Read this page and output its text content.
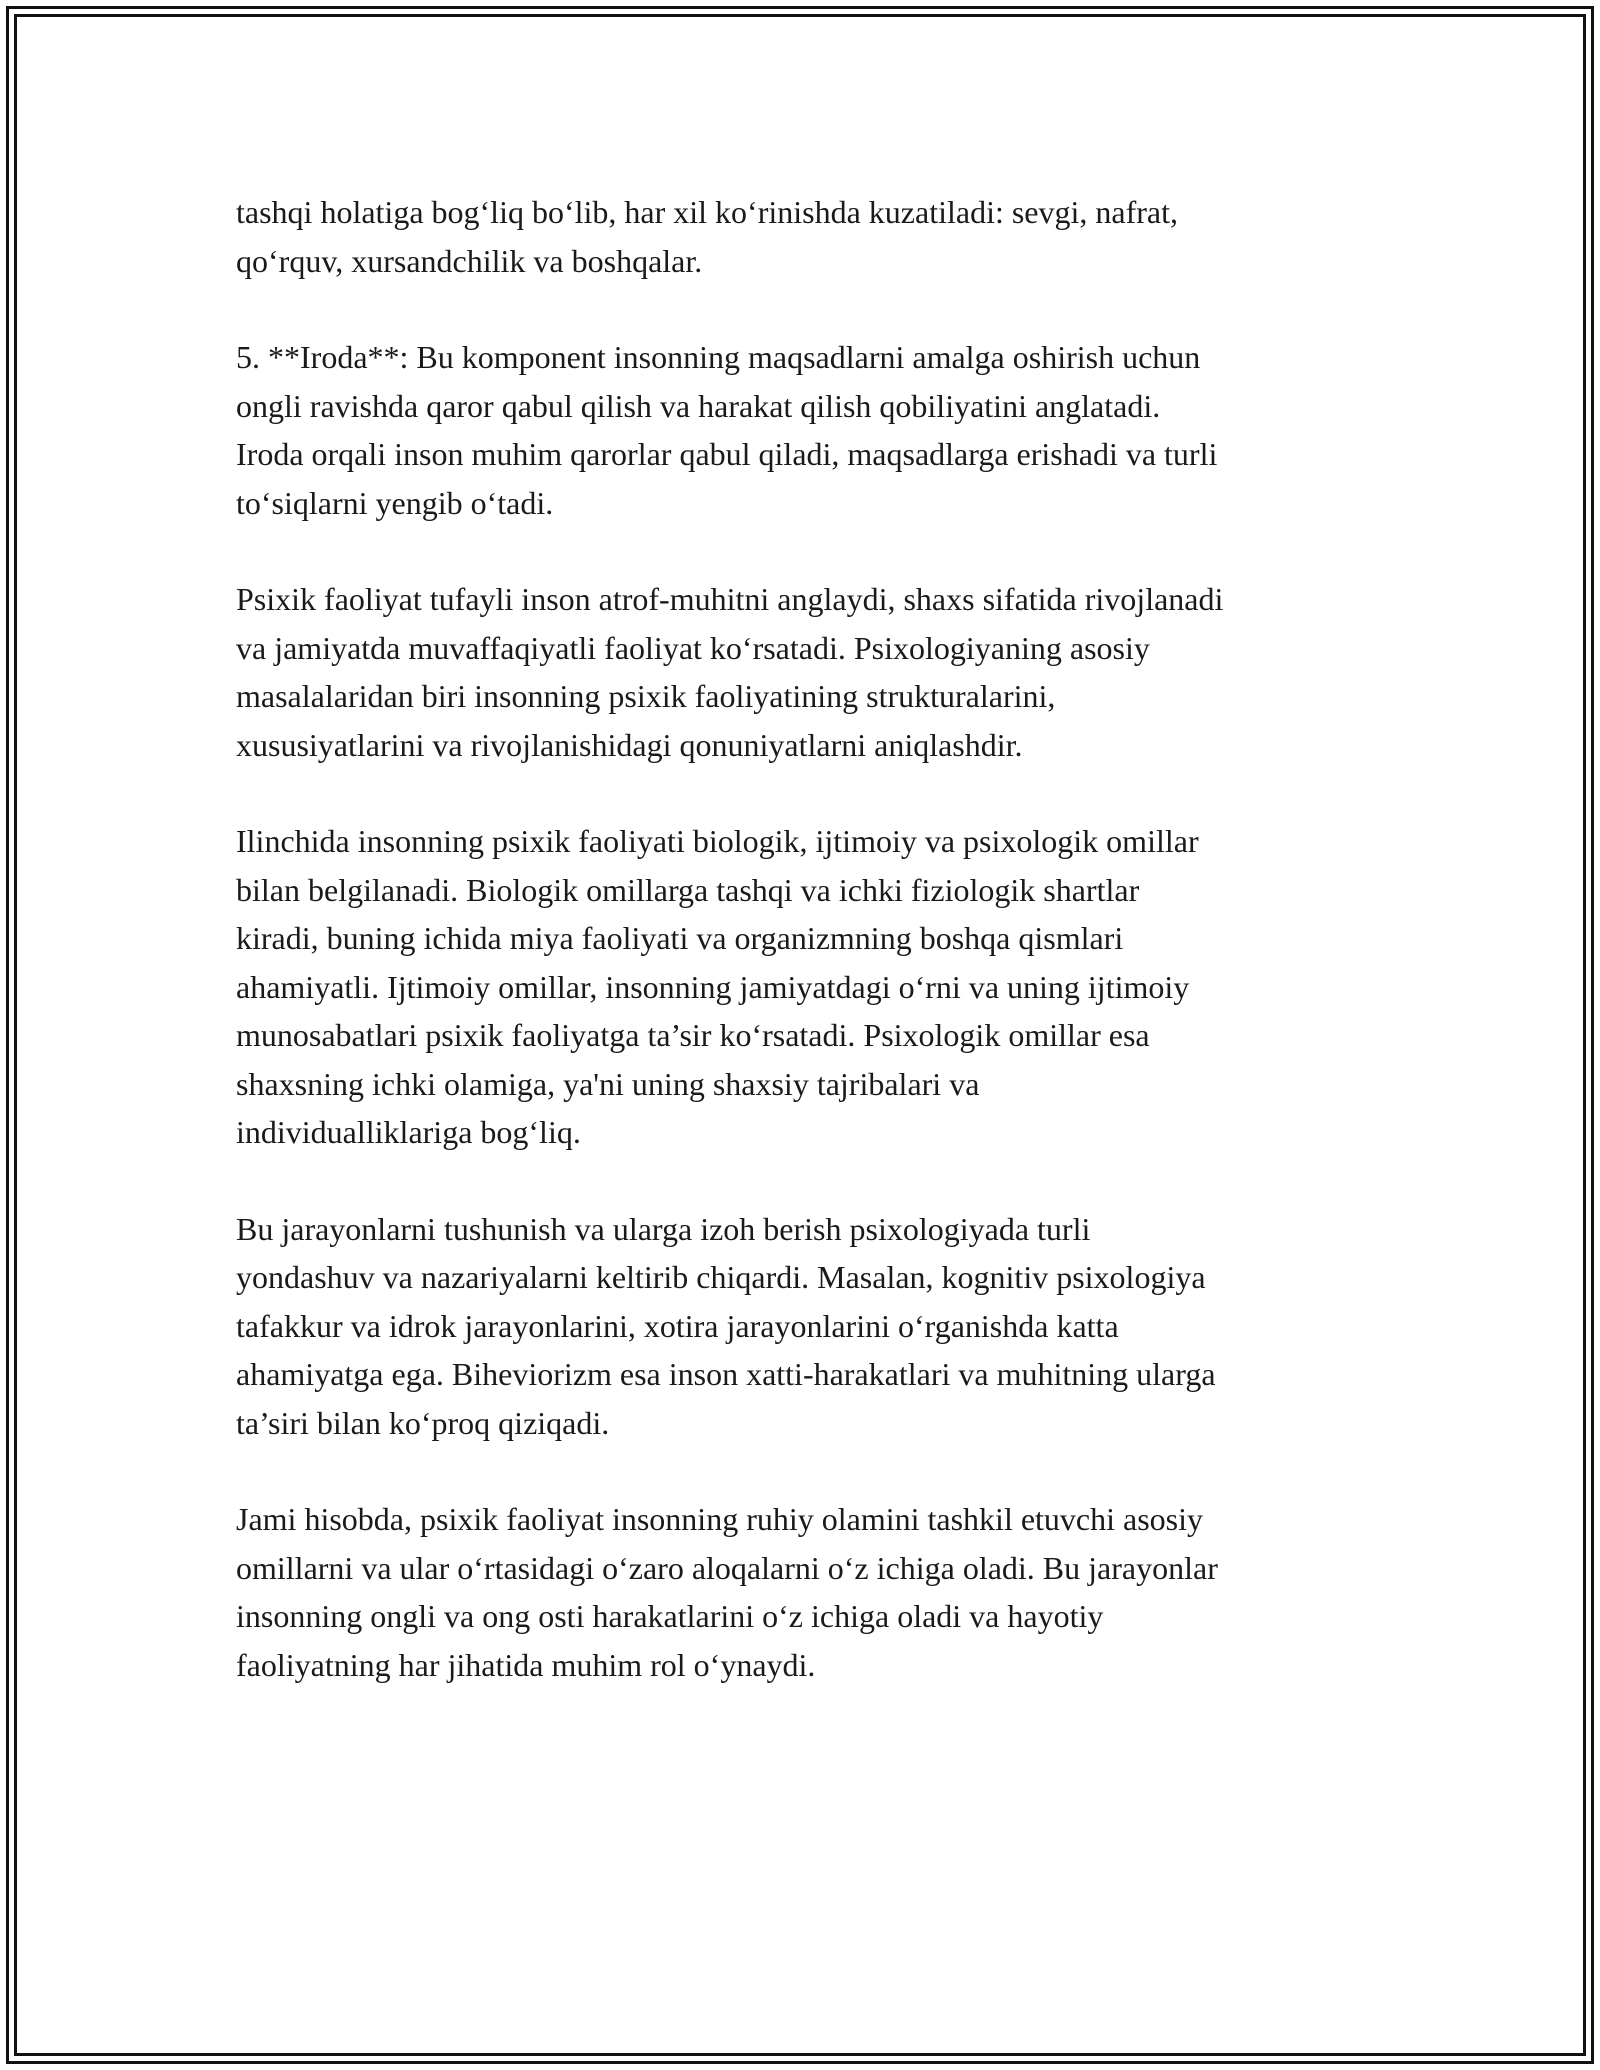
tashqi holatiga bog‘liq bo‘lib, har xil ko‘rinishda kuzatiladi: sevgi, nafrat,
qo‘rquv, xursandchilik va boshqalar.

5. **Iroda**: Bu komponent insonning maqsadlarni amalga oshirish uchun
ongli ravishda qaror qabul qilish va harakat qilish qobiliyatini anglatadi.
Iroda orqali inson muhim qarorlar qabul qiladi, maqsadlarga erishadi va turli
to‘siqlarni yengib o‘tadi.

Psixik faoliyat tufayli inson atrof-muhitni anglaydi, shaxs sifatida rivojlanadi
va jamiyatda muvaffaqiyatli faoliyat ko‘rsatadi. Psixologiyaning asosiy
masalalaridan biri insonning psixik faoliyatining strukturalarini,
xususiyatlarini va rivojlanishidagi qonuniyatlarni aniqlashdir.

Ilinchida insonning psixik faoliyati biologik, ijtimoiy va psixologik omillar
bilan belgilanadi. Biologik omillarga tashqi va ichki fiziologik shartlar
kiradi, buning ichida miya faoliyati va organizmning boshqa qismlari
ahamiyatli. Ijtimoiy omillar, insonning jamiyatdagi o‘rni va uning ijtimoiy
munosabatlari psixik faoliyatga ta’sir ko‘rsatadi. Psixologik omillar esa
shaxsning ichki olamiga, ya'ni uning shaxsiy tajribalari va
individualliklariga bog‘liq.

Bu jarayonlarni tushunish va ularga izoh berish psixologiyada turli
yondashuv va nazariyalarni keltirib chiqardi. Masalan, kognitiv psixologiya
tafakkur va idrok jarayonlarini, xotira jarayonlarini o‘rganishda katta
ahamiyatga ega. Biheviorizm esa inson xatti-harakatlari va muhitning ularga
ta’siri bilan ko‘proq qiziqadi.

Jami hisobda, psixik faoliyat insonning ruhiy olamini tashkil etuvchi asosiy
omillarni va ular o‘rtasidagi o‘zaro aloqalarni o‘z ichiga oladi. Bu jarayonlar
insonning ongli va ong osti harakatlarini o‘z ichiga oladi va hayotiy
faoliyatning har jihatida muhim rol o‘ynaydi.
